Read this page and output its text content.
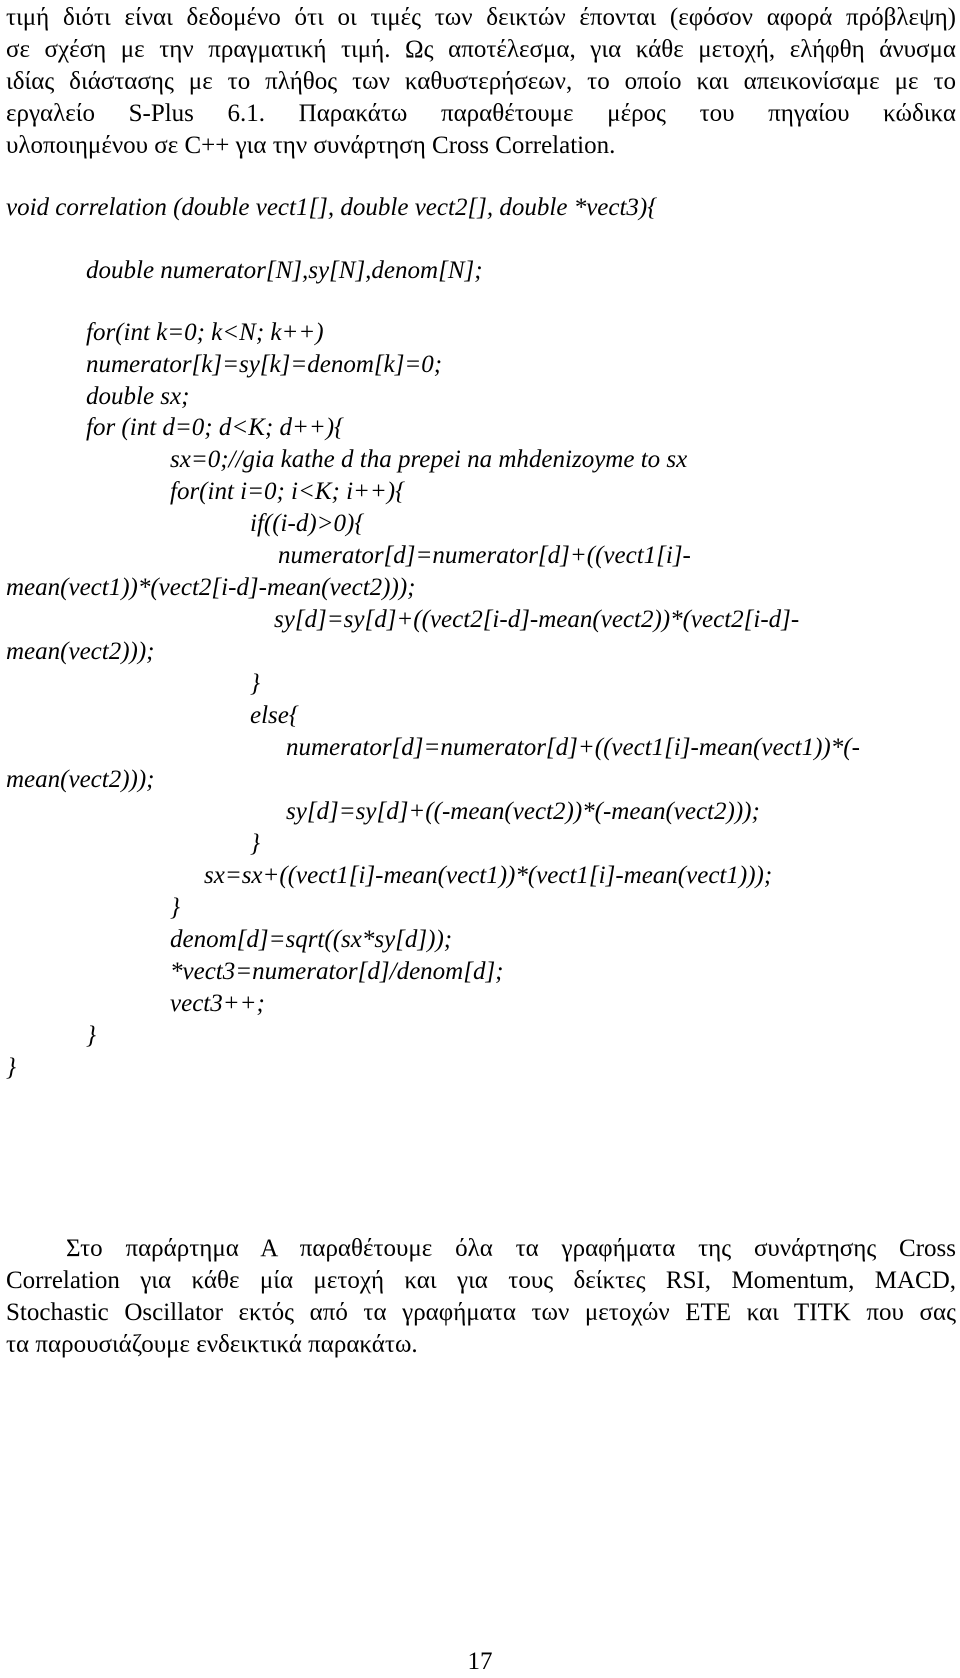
τιμή διότι είναι δεδομένο ότι οι τιμές των δεικτών έπονται (εφόσον αφορά πρόβλεψη)
σε σχέση με την πραγματική τιμή. Ως αποτέλεσμα, για κάθε μετοχή, ελήφθη άνυσμα
ιδίας διάστασης με το πλήθος των καθυστερήσεων, το οποίο και απεικονίσαμε με το
εργαλείο S-Plus 6.1. Παρακάτω παραθέτουμε μέρος του πηγαίου κώδικα
υλοποιημένου σε C++ για την συνάρτηση Cross Correlation.
void correlation (double vect1[], double vect2[], double *vect3){
double numerator[N],sy[N],denom[N];
for(int k=0; k<N; k++)
numerator[k]=sy[k]=denom[k]=0;
double sx;
for (int d=0; d<K; d++){
sx=0;//gia kathe d tha prepei na mhdenizoyme to sx
for(int i=0; i<K; i++){
if((i-d)>0){
numerator[d]=numerator[d]+((vect1[i]-
mean(vect1))*(vect2[i-d]-mean(vect2)));
sy[d]=sy[d]+((vect2[i-d]-mean(vect2))*(vect2[i-d]-
mean(vect2)));
}
else{
numerator[d]=numerator[d]+((vect1[i]-mean(vect1))*(-
mean(vect2)));
sy[d]=sy[d]+((-mean(vect2))*(-mean(vect2)));
}
sx=sx+((vect1[i]-mean(vect1))*(vect1[i]-mean(vect1)));
}
denom[d]=sqrt((sx*sy[d]));
*vect3=numerator[d]/denom[d];
vect3++;
}
}
Στο παράρτημα Α παραθέτουμε όλα τα γραφήματα της συνάρτησης Cross
Correlation για κάθε μία μετοχή και για τους δείκτες RSI, Momentum, MACD,
Stochastic Oscillator εκτός από τα γραφήματα των μετοχών ΕΤΕ και ΤΙΤΚ που σας
τα παρουσιάζουμε ενδεικτικά παρακάτω.
17
